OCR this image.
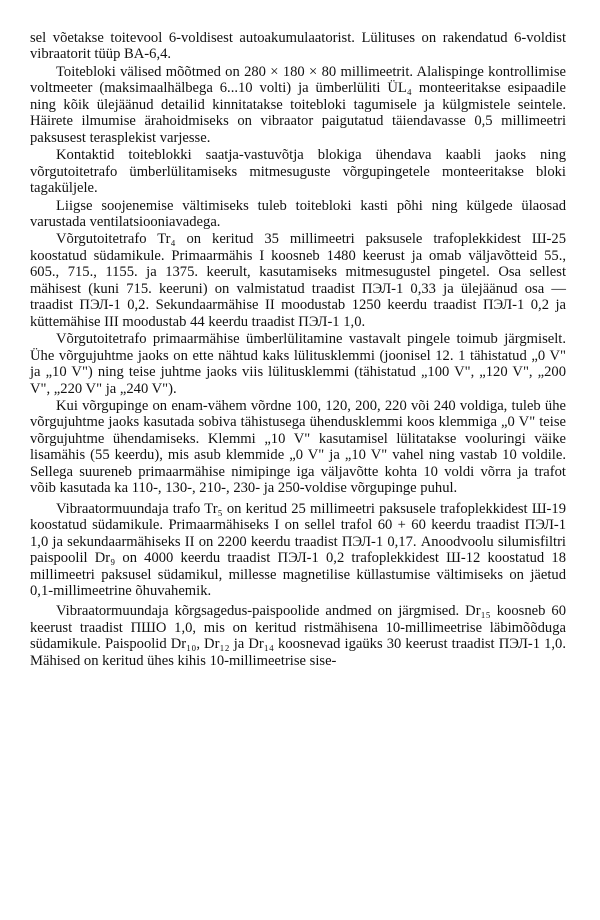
sel võetakse toitevool 6-voldisest autoakumulaatorist. Lülituses on rakendatud 6-voldist vibraatorit tüüp BA-6,4.

Toitebloki välised mõõtmed on 280 × 180 × 80 millimeetrit. Alalispinge kontrollimise voltmeeter (maksimaalhälbega 6...10 volti) ja ümberlüliti ÜL₄ monteeritakse esipaadile ning kõik ülejäänud detailid kinnitatakse toitebloki tagumisele ja külgmistele seintele. Häirete ilmumise ärahoidmiseks on vibraator paigutatud täiendavasse 0,5 millimeetri paksusest terasplekist varjesse.

Kontaktid toiteblokki saatja-vastuvõtja blokiga ühendava kaabli jaoks ning võrgutoitetrafo ümberlülitamiseks mitmesuguste võrgupingetele monteeritakse bloki tagaküljele.

Liigse soojenemise vältimiseks tuleb toitebloki kasti põhi ning külgede ülaosad varustada ventilatsiooniavadega.

Võrgutoitetrafo Tr₄ on keritud 35 millimeetri paksusele trafoplekkidest Ш-25 koostatud südamikule. Primaarmähis I koosneb 1480 keerust ja omab väljavõtteid 55., 605., 715., 1155. ja 1375. keerult, kasutamiseks mitmesugustel pingetel. Osa sellest mähisest (kuni 715. keeruni) on valmistatud traadist ПЭЛ-1 0,33 ja ülejäänud osa — traadist ПЭЛ-1 0,2. Sekundaarmähise II moodustab 1250 keerdu traadist ПЭЛ-1 0,2 ja küttemähise III moodustab 44 keerdu traadist ПЭЛ-1 1,0.

Võrgutoitetrafo primaarmähise ümberlülitamine vastavalt pingele toimub järgmiselt. Ühe võrgujuhtme jaoks on ette nähtud kaks lülitusklemmi (joonisel 12. 1 tähistatud „0 V" ja „10 V") ning teise juhtme jaoks viis lülitusklemmi (tähistatud „100 V", „120 V", „200 V", „220 V" ja „240 V").

Kui võrgupinge on enam-vähem võrdne 100, 120, 200, 220 või 240 voldiga, tuleb ühe võrgujuhtme jaoks kasutada sobiva tähistusega ühendusklemmi koos klemmiga „0 V" teise võrgujuhtme ühendamiseks. Klemmi „10 V" kasutamisel lülitatakse vooluringi väike lisamähis (55 keerdu), mis asub klemmide „0 V" ja „10 V" vahel ning vastab 10 voldile. Sellega suureneb primaarmähise nimipinge iga väljavõtte kohta 10 voldi võrra ja trafot võib kasutada ka 110-, 130-, 210-, 230- ja 250-voldise võrgupinge puhul.

Vibraatormuundaja trafo Tr₅ on keritud 25 millimeetri paksusele trafoplekkidest Ш-19 koostatud südamikule. Primaarmähiseks I on sellel trafol 60 + 60 keerdu traadist ПЭЛ-1 1,0 ja sekundaarmähiseks II on 2200 keerdu traadist ПЭЛ-1 0,17. Anoodvoolu silumisfiltri paispoolil Dr₉ on 4000 keerdu traadist ПЭЛ-1 0,2 trafoplekkidest Ш-12 koostatud 18 millimeetri paksusel südamikul, millesse magnetilise küllastumise vältimiseks on jäetud 0,1-millimeetrine õhuvahemik.

Vibraatormuundaja kõrgsagedus-paispoolide andmed on järgmised. Dr₁₅ koosneb 60 keerust traadist ПШО 1,0, mis on keritud ristmähisena 10-millimeetrise läbimõõduga südamikule. Paispoolid Dr₁₀, Dr₁₂ ja Dr₁₄ koosnevad igaüks 30 keerust traadist ПЭЛ-1 1,0. Mähised on keritud ühes kihis 10-millimeetrise sise-
